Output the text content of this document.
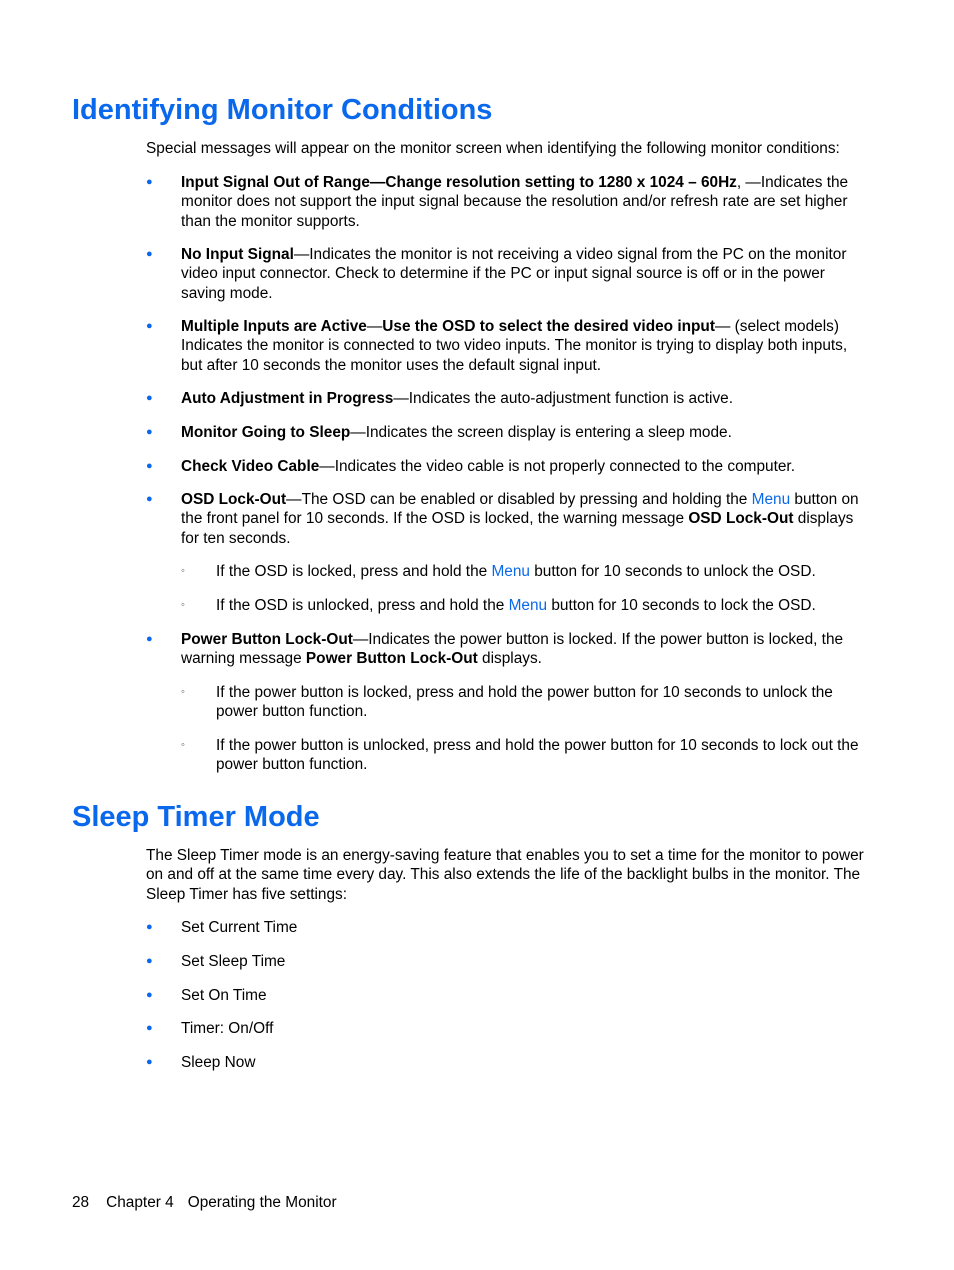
Identifying Monitor Conditions

Special messages will appear on the monitor screen when identifying the following monitor conditions:

● Input Signal Out of Range—Change resolution setting to 1280 x 1024 – 60Hz, —Indicates the monitor does not support the input signal because the resolution and/or refresh rate are set higher than the monitor supports.
● No Input Signal—Indicates the monitor is not receiving a video signal from the PC on the monitor video input connector. Check to determine if the PC or input signal source is off or in the power saving mode.
● Multiple Inputs are Active—Use the OSD to select the desired video input— (select models) Indicates the monitor is connected to two video inputs. The monitor is trying to display both inputs, but after 10 seconds the monitor uses the default signal input.
● Auto Adjustment in Progress—Indicates the auto-adjustment function is active.
● Monitor Going to Sleep—Indicates the screen display is entering a sleep mode.
● Check Video Cable—Indicates the video cable is not properly connected to the computer.
● OSD Lock-Out—The OSD can be enabled or disabled by pressing and holding the Menu button on the front panel for 10 seconds. If the OSD is locked, the warning message OSD Lock-Out displays for ten seconds.
◦	If the OSD is locked, press and hold the Menu button for 10 seconds to unlock the OSD.
◦	If the OSD is unlocked, press and hold the Menu button for 10 seconds to lock the OSD.
● Power Button Lock-Out—Indicates the power button is locked. If the power button is locked, the warning message Power Button Lock-Out displays.
◦	If the power button is locked, press and hold the power button for 10 seconds to unlock the power button function.
◦	If the power button is unlocked, press and hold the power button for 10 seconds to lock out the power button function.
Sleep Timer Mode

The Sleep Timer mode is an energy-saving feature that enables you to set a time for the monitor to power on and off at the same time every day. This also extends the life of the backlight bulbs in the monitor. The Sleep Timer has five settings:

● Set Current Time
● Set Sleep Time
● Set On Time
● Timer: On/Off
● Sleep Now
28 Chapter 4 Operating the Monitor
